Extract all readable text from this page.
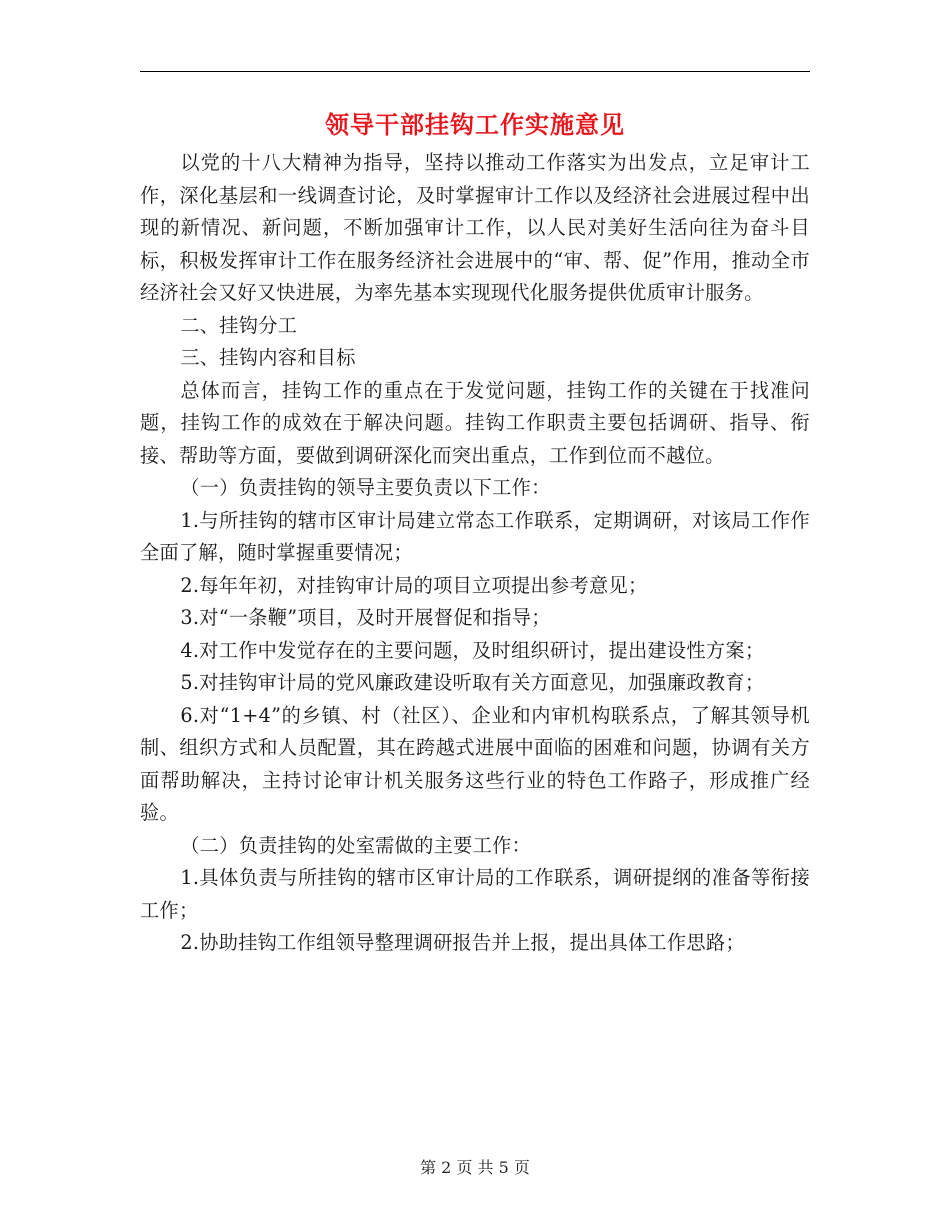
领导干部挂钩工作实施意见

以党的十八大精神为指导，坚持以推动工作落实为出发点，立足审计工作，深化基层和一线调查讨论，及时掌握审计工作以及经济社会进展过程中出现的新情况、新问题，不断加强审计工作，以人民对美好生活向往为奋斗目标，积极发挥审计工作在服务经济社会进展中的“审、帮、促”作用，推动全市经济社会又好又快进展，为率先基本实现现代化服务提供优质审计服务。

二、挂钩分工

三、挂钩内容和目标

总体而言，挂钩工作的重点在于发觉问题，挂钩工作的关键在于找准问题，挂钩工作的成效在于解决问题。挂钩工作职责主要包括调研、指导、衔接、帮助等方面，要做到调研深化而突出重点，工作到位而不越位。

（一）负责挂钩的领导主要负责以下工作：

1.与所挂钩的辖市区审计局建立常态工作联系，定期调研，对该局工作作全面了解，随时掌握重要情况；

2.每年年初，对挂钩审计局的项目立项提出参考意见；

3.对“一条鞭”项目，及时开展督促和指导；

4.对工作中发觉存在的主要问题，及时组织研讨，提出建设性方案；

5.对挂钩审计局的党风廉政建设听取有关方面意见，加强廉政教育；

6.对“1+4”的乡镇、村（社区）、企业和内审机构联系点，了解其领导机制、组织方式和人员配置，其在跨越式进展中面临的困难和问题，协调有关方面帮助解决，主持讨论审计机关服务这些行业的特色工作路子，形成推广经验。

（二）负责挂钩的处室需做的主要工作：

1.具体负责与所挂钩的辖市区审计局的工作联系，调研提纲的准备等衔接工作；

2.协助挂钩工作组领导整理调研报告并上报，提出具体工作思路；

第 2 页 共 5 页
